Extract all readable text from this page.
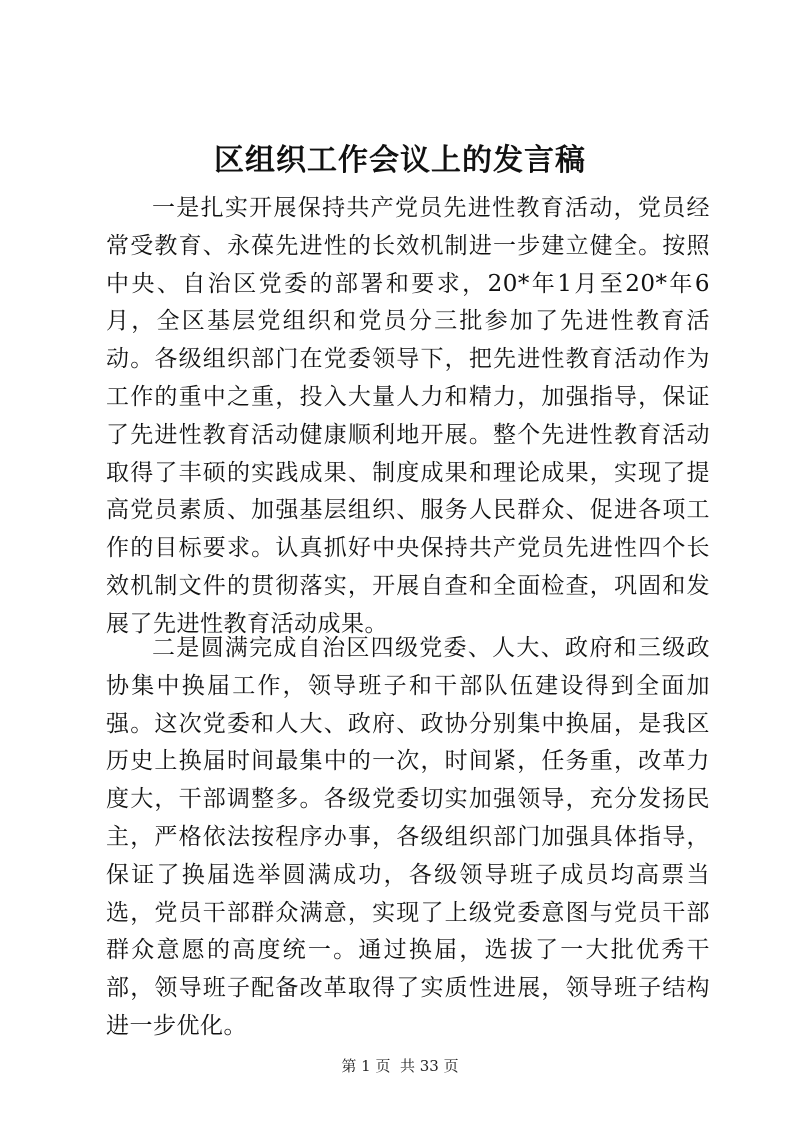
区组织工作会议上的发言稿

一是扎实开展保持共产党员先进性教育活动，党员经常受教育、永葆先进性的长效机制进一步建立健全。按照中央、自治区党委的部署和要求，20*年1月至20*年6月，全区基层党组织和党员分三批参加了先进性教育活动。各级组织部门在党委领导下，把先进性教育活动作为工作的重中之重，投入大量人力和精力，加强指导，保证了先进性教育活动健康顺利地开展。整个先进性教育活动取得了丰硕的实践成果、制度成果和理论成果，实现了提高党员素质、加强基层组织、服务人民群众、促进各项工作的目标要求。认真抓好中央保持共产党员先进性四个长效机制文件的贯彻落实，开展自查和全面检查，巩固和发展了先进性教育活动成果。

二是圆满完成自治区四级党委、人大、政府和三级政协集中换届工作，领导班子和干部队伍建设得到全面加强。这次党委和人大、政府、政协分别集中换届，是我区历史上换届时间最集中的一次，时间紧，任务重，改革力度大，干部调整多。各级党委切实加强领导，充分发扬民主，严格依法按程序办事，各级组织部门加强具体指导，保证了换届选举圆满成功，各级领导班子成员均高票当选，党员干部群众满意，实现了上级党委意图与党员干部群众意愿的高度统一。通过换届，选拔了一大批优秀干部，领导班子配备改革取得了实质性进展，领导班子结构进一步优化。

第 1 页  共 33 页
